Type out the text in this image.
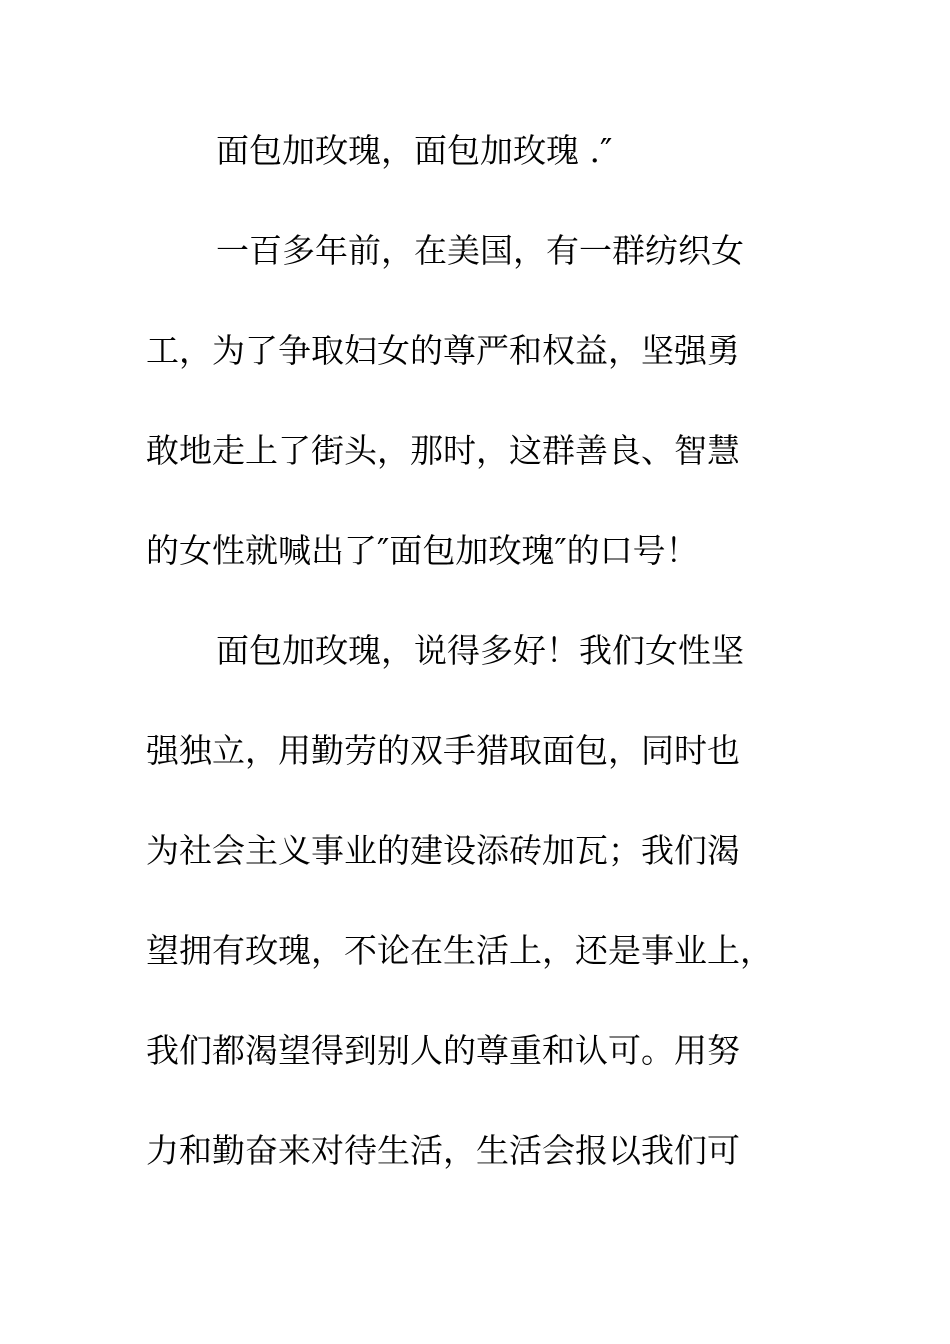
面包加玫瑰，面包加玫瑰 .″
一百多年前，在美国，有一群纺织女
工，为了争取妇女的尊严和权益，坚强勇
敢地走上了街头，那时，这群善良、智慧
的女性就喊出了″面包加玫瑰″的口号！
面包加玫瑰，说得多好！我们女性坚
强独立，用勤劳的双手猎取面包，同时也
为社会主义事业的建设添砖加瓦；我们渴
望拥有玫瑰，不论在生活上，还是事业上，
我们都渴望得到别人的尊重和认可。用努
力和勤奋来对待生活，生活会报以我们可
